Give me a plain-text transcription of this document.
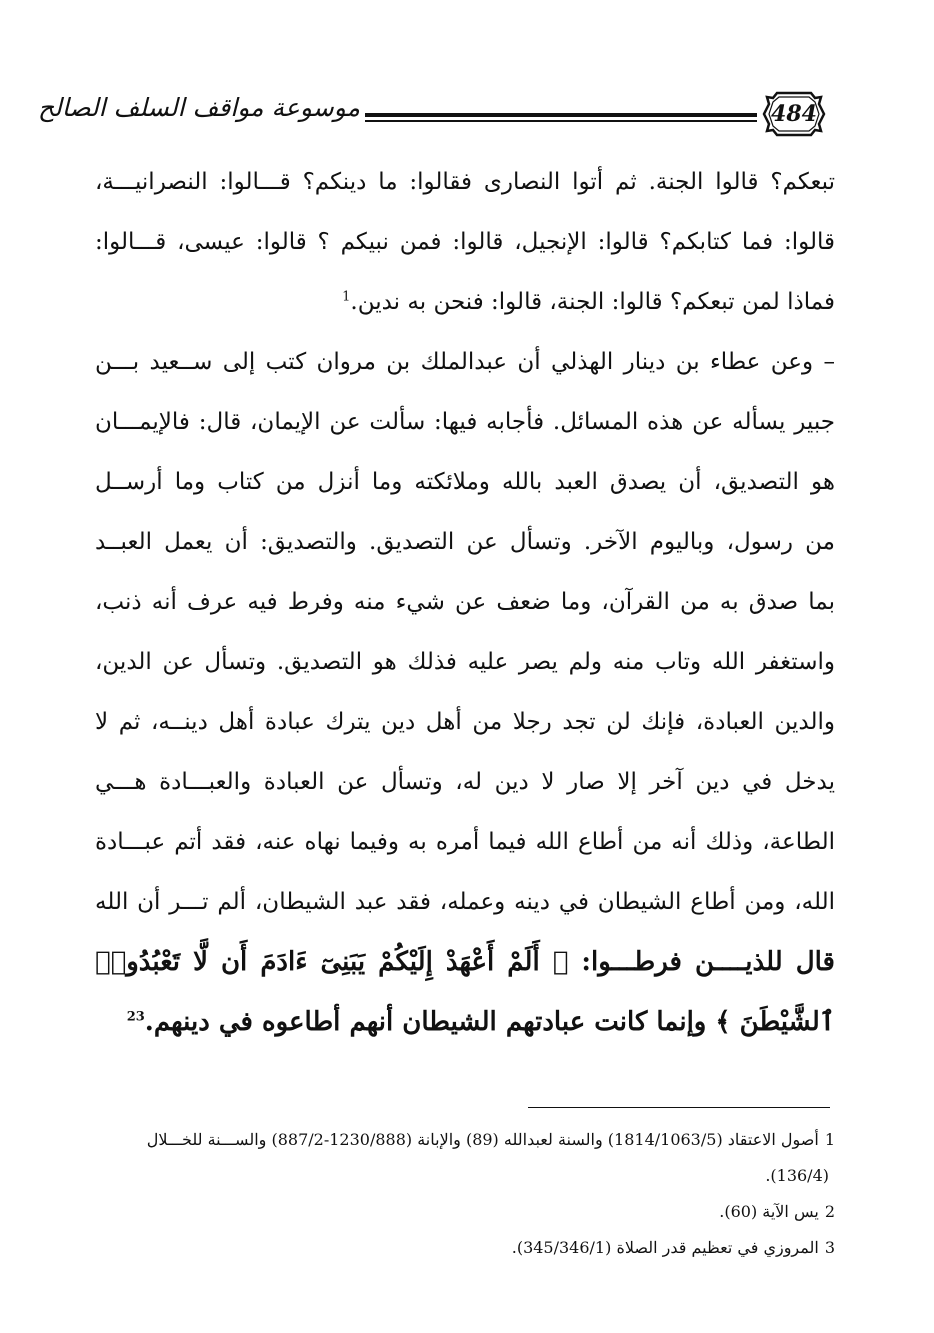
موسوعة مواقف السلف الصالح	484
تبعكم؟ قالوا الجنة. ثم أتوا النصارى فقالوا: ما دينكم؟ قـــالوا: النصرانيـــة،
قالوا: فما كتابكم؟ قالوا: الإنجيل، قالوا: فمن نبيكم ؟ قالوا: عيسى، قـــالوا:
فماذا لمن تبعكم؟ قالوا: الجنة، قالوا: فنحن به ندين.$^1$
– وعن عطاء بن دينار الهذلي أن عبدالملك بن مروان كتب إلى ســعيد بـــن
جبير يسأله عن هذه المسائل. فأجابه فيها: سألت عن الإيمان، قال: فالإيمـــان
هو التصديق، أن يصدق العبد بالله وملائكته وما أنزل من كتاب وما أرســل
من رسول، وباليوم الآخر. وتسأل عن التصديق. والتصديق: أن يعمل العبــد
بما صدق به من القرآن، وما ضعف عن شيء منه وفرط فيه عرف أنه ذنب،
واستغفر الله وتاب منه ولم يصر عليه فذلك هو التصديق. وتسأل عن الدين،
والدين العبادة، فإنك لن تجد رجلا من أهل دين يترك عبادة أهل دينــه، ثم لا
يدخل في دين آخر إلا صار لا دين له، وتسأل عن العبادة والعبـــادة هـــي
الطاعة، وذلك أنه من أطاع الله فيما أمره به وفيما نهاه عنه، فقد أتم عبـــادة
الله، ومن أطاع الشيطان في دينه وعمله، فقد عبد الشيطان، ألم تـــر أن الله
قال للذيــــن فرطـــوا: ﴿ أَلَمْ أَعْهَدْ إِلَيْكُمْ يَبَنِىٓ ءَادَمَ أَن لَّا تَعْبُدُوا۟
ٱلشَّيْطَنَ ﴾ وإنما كانت عبادتهم الشيطان أنهم أطاعوه في دينهم.$^{23}$
1أصول الاعتقاد (1814/1063/5) والسنة لعبدالله (89) والإبانة (1230/888-887/2) والســـنة للخـــلال
(136/4).
2يس الآية (60).
3المروزي في تعظيم قدر الصلاة (345/346/1).
